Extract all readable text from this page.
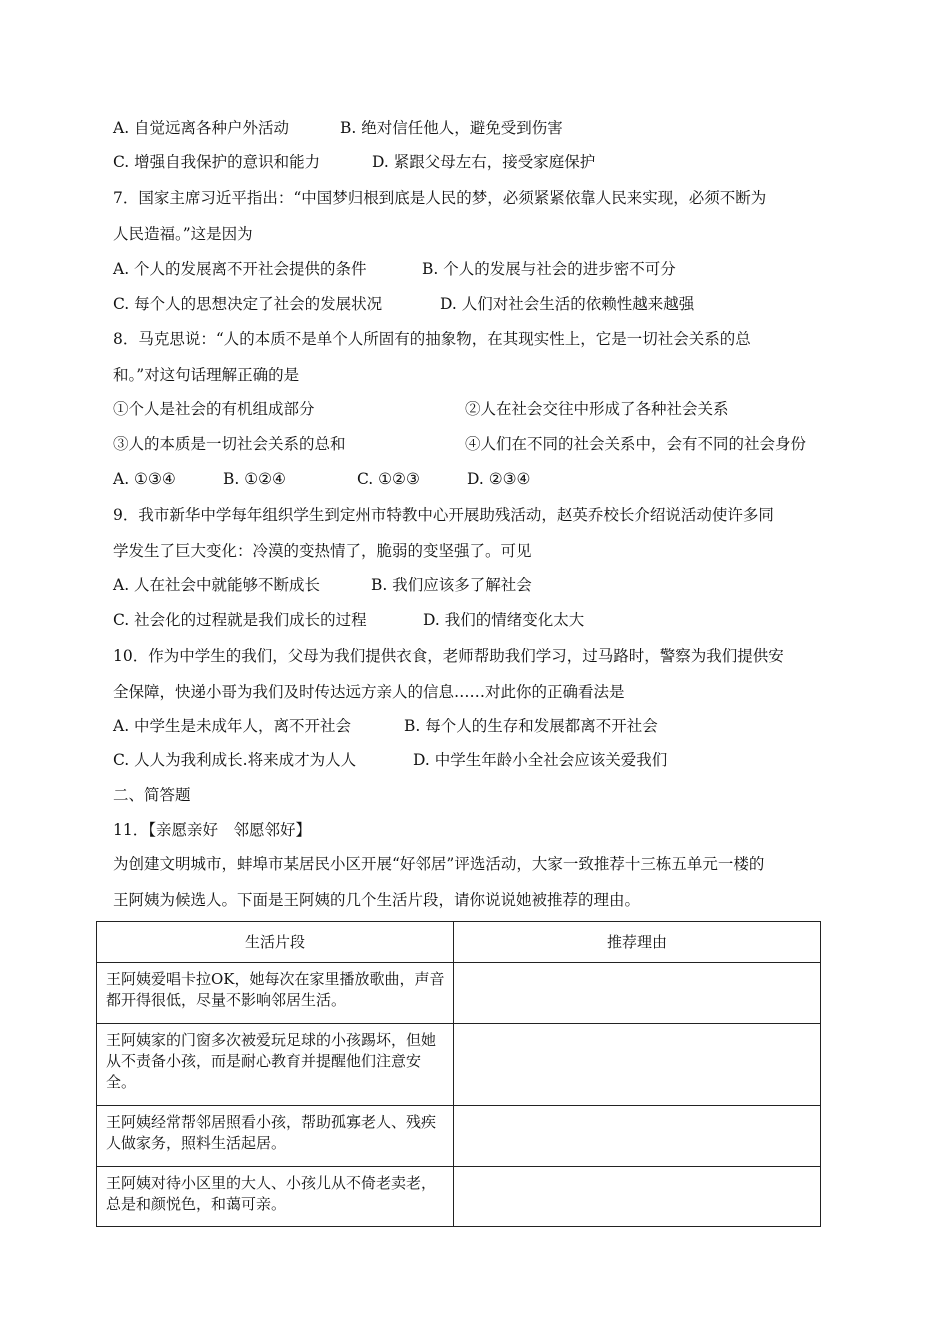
A. 自觉远离各种户外活动	B. 绝对信任他人，避免受到伤害
C. 增强自我保护的意识和能力	D. 紧跟父母左右，接受家庭保护
7．国家主席习近平指出：“中国梦归根到底是人民的梦，必须紧紧依靠人民来实现，必须不断为
人民造福。”这是因为
A. 个人的发展离不开社会提供的条件	B. 个人的发展与社会的进步密不可分
C. 每个人的思想决定了社会的发展状况	D. 人们对社会生活的依赖性越来越强
8．马克思说：“人的本质不是单个人所固有的抽象物，在其现实性上，它是一切社会关系的总
和。”对这句话理解正确的是
①个人是社会的有机组成部分	②人在社会交往中形成了各种社会关系
③人的本质是一切社会关系的总和	④人们在不同的社会关系中，会有不同的社会身份
A. ①③④	B. ①②④	C. ①②③	D. ②③④
9．我市新华中学每年组织学生到定州市特教中心开展助残活动，赵英乔校长介绍说活动使许多同
学发生了巨大变化：冷漠的变热情了，脆弱的变坚强了。可见
A. 人在社会中就能够不断成长	B. 我们应该多了解社会
C. 社会化的过程就是我们成长的过程	D. 我们的情绪变化太大
10．作为中学生的我们，父母为我们提供衣食，老师帮助我们学习，过马路时，警察为我们提供安
全保障，快递小哥为我们及时传达远方亲人的信息……对此你的正确看法是
A. 中学生是未成年人，离不开社会	B. 每个人的生存和发展都离不开社会
C. 人人为我利成长.将来成才为人人	D. 中学生年龄小全社会应该关爱我们
二、简答题
11．【亲愿亲好　邻愿邻好】
为创建文明城市，蚌埠市某居民小区开展“好邻居”评选活动，大家一致推荐十三栋五单元一楼的
王阿姨为候选人。下面是王阿姨的几个生活片段，请你说说她被推荐的理由。
生活片段	推荐理由

王阿姨爱唱卡拉OK，她每次在家里播放歌曲，声音都开得很低，尽量不影响邻居生活。	

王阿姨家的门窗多次被爱玩足球的小孩踢坏，但她从不责备小孩，而是耐心教育并提醒他们注意安全。	

王阿姨经常帮邻居照看小孩，帮助孤寡老人、残疾人做家务，照料生活起居。	

王阿姨对待小区里的大人、小孩儿从不倚老卖老，总是和颜悦色，和蔼可亲。	
